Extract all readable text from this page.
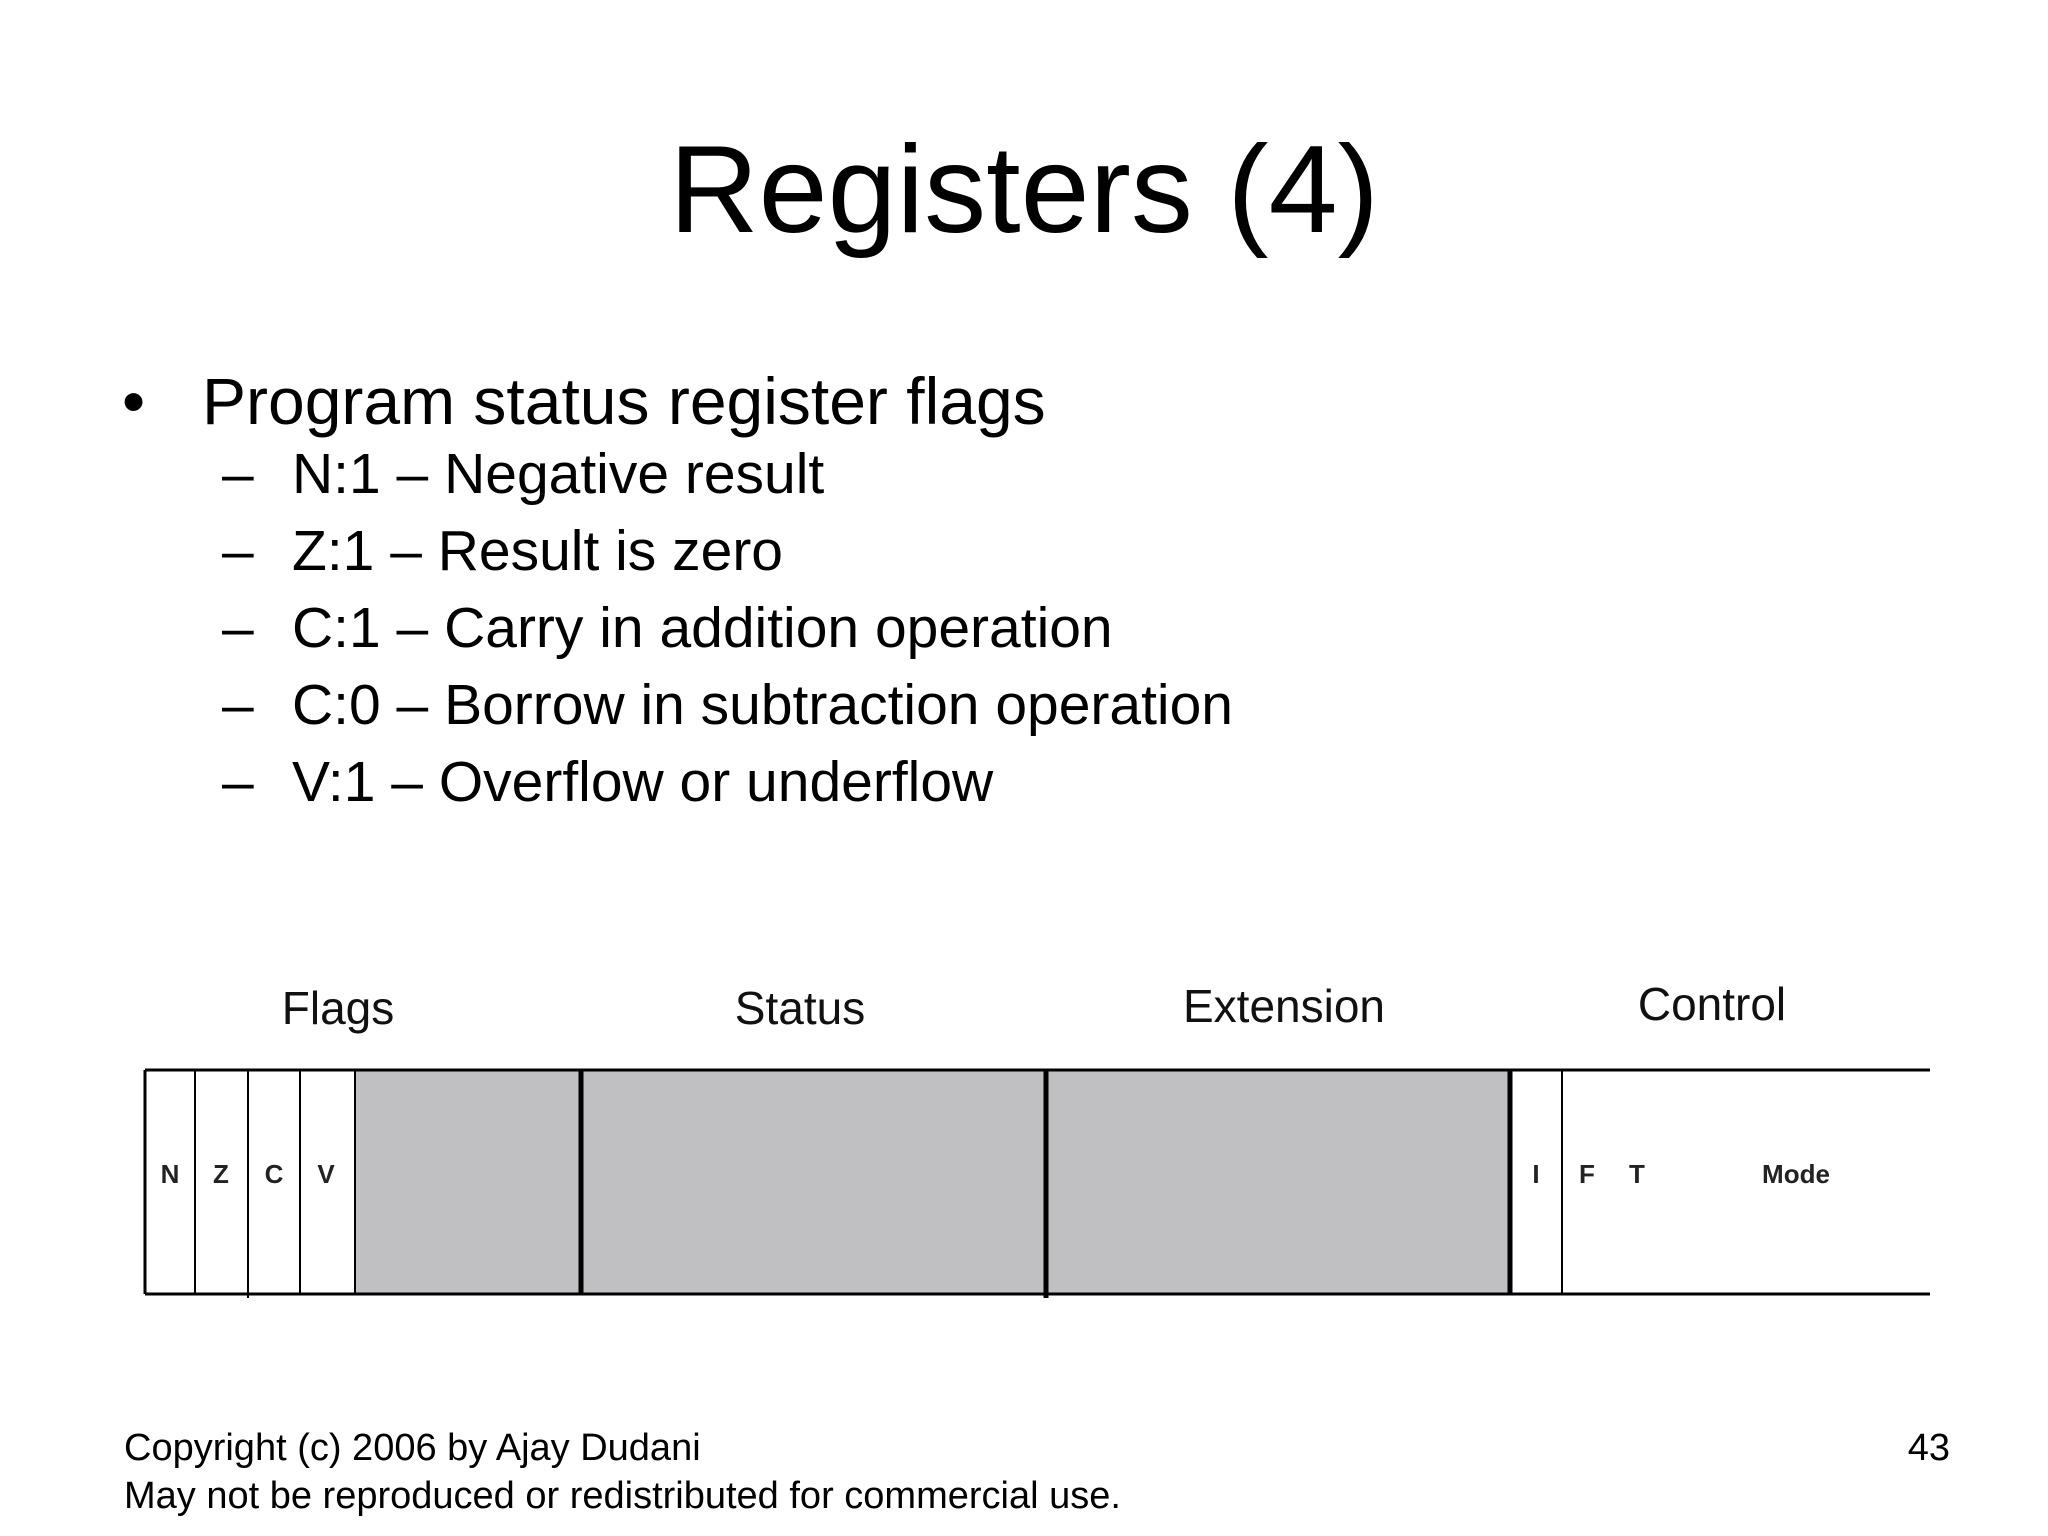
Registers (4)
• Program status register flags
– N:1 – Negative result
– Z:1 – Result is zero
– C:1 – Carry in addition operation
– C:0 – Borrow in subtraction operation
– V:1 – Overflow or underflow
Flags	Status	Extension	Control
N Z C V	I F T	Mode
Copyright (c) 2006 by Ajay Dudani
May not be reproduced or redistributed for commercial use.
43
